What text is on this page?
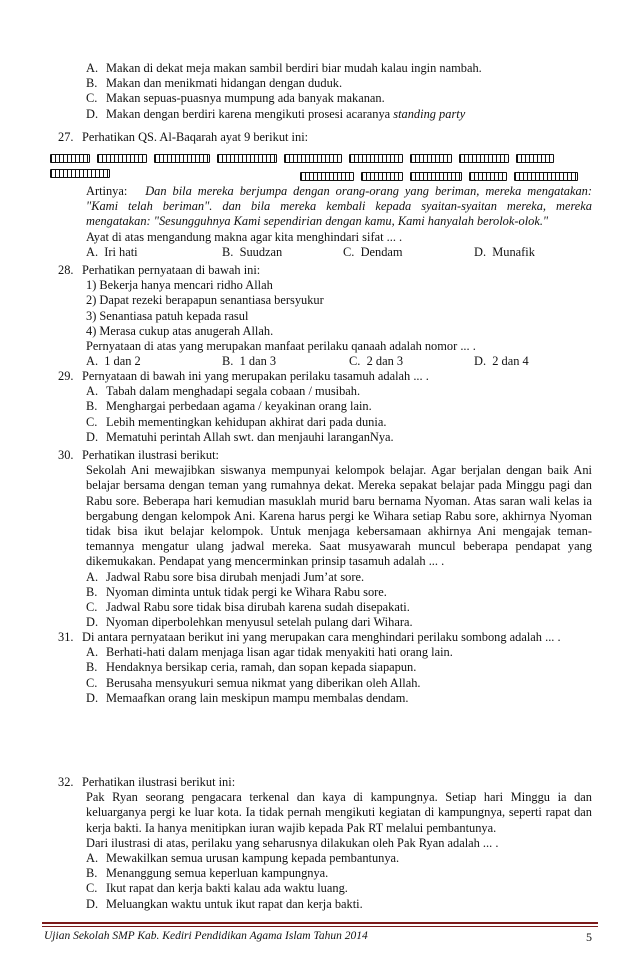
A. Makan di dekat meja makan sambil berdiri biar mudah kalau ingin nambah.
B. Makan dan menikmati hidangan dengan duduk.
C. Makan sepuas-puasnya mumpung ada banyak makanan.
D. Makan dengan berdiri karena mengikuti prosesi acaranya standing party
27. Perhatikan QS. Al-Baqarah ayat 9 berikut ini:
Artinya: Dan bila mereka berjumpa dengan orang-orang yang beriman, mereka mengatakan:
"Kami telah beriman". dan bila mereka kembali kepada syaitan-syaitan mereka, mereka
mengatakan: "Sesungguhnya Kami sependirian dengan kamu, Kami hanyalah berolok-olok."
Ayat di atas mengandung makna agar kita menghindari sifat ... .
A. Iri hati	B. Suudzan	C. Dendam	D. Munafik
28. Perhatikan pernyataan di bawah ini:
1) Bekerja hanya mencari ridho Allah
2) Dapat rezeki berapapun senantiasa bersyukur
3) Senantiasa patuh kepada rasul
4) Merasa cukup atas anugerah Allah.
Pernyataan di atas yang merupakan manfaat perilaku qanaah adalah nomor ... .
A. 1 dan 2	B. 1 dan 3	C. 2 dan 3	D. 2 dan 4
29. Pernyataan di bawah ini yang merupakan perilaku tasamuh adalah ... .
A. Tabah dalam menghadapi segala cobaan / musibah.
B. Menghargai perbedaan agama / keyakinan orang lain.
C. Lebih mementingkan kehidupan akhirat dari pada dunia.
D. Mematuhi perintah Allah swt. dan menjauhi laranganNya.
30. Perhatikan ilustrasi berikut:
Sekolah Ani mewajibkan siswanya mempunyai kelompok belajar. Agar berjalan dengan baik Ani
belajar bersama dengan teman yang rumahnya dekat. Mereka sepakat belajar pada Minggu pagi dan
Rabu sore. Beberapa hari kemudian masuklah murid baru bernama Nyoman. Atas saran wali kelas ia
bergabung dengan kelompok Ani. Karena harus pergi ke Wihara setiap Rabu sore, akhirnya Nyoman
tidak bisa ikut belajar kelompok. Untuk menjaga kebersamaan akhirnya Ani mengajak teman-
temannya mengatur ulang jadwal mereka. Saat musyawarah muncul beberapa pendapat yang
dikemukakan. Pendapat yang mencerminkan prinsip tasamuh adalah ... .
A. Jadwal Rabu sore bisa dirubah menjadi Jum’at sore.
B. Nyoman diminta untuk tidak pergi ke Wihara Rabu sore.
C. Jadwal Rabu sore tidak bisa dirubah karena sudah disepakati.
D. Nyoman diperbolehkan menyusul setelah pulang dari Wihara.
31. Di antara pernyataan berikut ini yang merupakan cara menghindari perilaku sombong adalah ... .
A. Berhati-hati dalam menjaga lisan agar tidak menyakiti hati orang lain.
B. Hendaknya bersikap ceria, ramah, dan sopan kepada siapapun.
C. Berusaha mensyukuri semua nikmat yang diberikan oleh Allah.
D. Memaafkan orang lain meskipun mampu membalas dendam.
32. Perhatikan ilustrasi berikut ini:
Pak Ryan seorang pengacara terkenal dan kaya di kampungnya. Setiap hari Minggu ia dan
keluarganya pergi ke luar kota. Ia tidak pernah mengikuti kegiatan di kampungnya, seperti rapat dan
kerja bakti. Ia hanya menitipkan iuran wajib kepada Pak RT melalui pembantunya.
Dari ilustrasi di atas, perilaku yang seharusnya dilakukan oleh Pak Ryan adalah ... .
A. Mewakilkan semua urusan kampung kepada pembantunya.
B. Menanggung semua keperluan kampungnya.
C. Ikut rapat dan kerja bakti kalau ada waktu luang.
D. Meluangkan waktu untuk ikut rapat dan kerja bakti.
Ujian Sekolah SMP Kab. Kediri Pendidikan Agama Islam Tahun 2014	5
